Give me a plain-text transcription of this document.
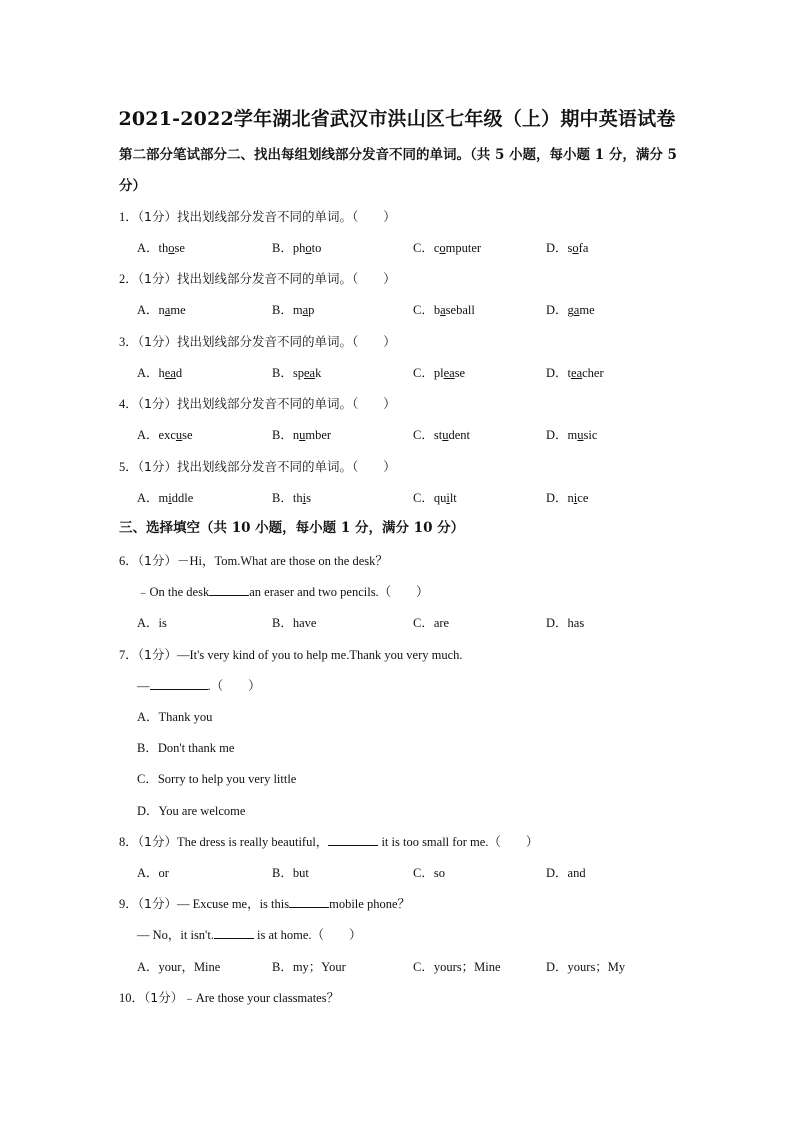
2021-2022学年湖北省武汉市洪山区七年级（上）期中英语试卷
第二部分笔试部分二、找出每组划线部分发音不同的单词。（共 5 小题，每小题 1 分，满分 5 分）
1．（1分）找出划线部分发音不同的单词。（　　）
A．those	B．photo	C．computer	D．sofa
2．（1分）找出划线部分发音不同的单词。（　　）
A．name	B．map	C．baseball	D．game
3．（1分）找出划线部分发音不同的单词。（　　）
A．head	B．speak	C．please	D．teacher
4．（1分）找出划线部分发音不同的单词。（　　）
A．excuse	B．number	C．student	D．music
5．（1分）找出划线部分发音不同的单词。（　　）
A．middle	B．this	C．quilt	D．nice
三、选择填空（共 10 小题，每小题 1 分，满分 10 分）
6．（1分）－Hi，Tom.What are those on the desk？
﹣On the desk	an eraser and two pencils.（　　）
A．is	B．have	C．are	D．has
7．（1分）—It's very kind of you to help me.Thank you very much.
—	.（　　）
A．Thank you
B．Don't thank me
C．Sorry to help you very little
D．You are welcome
8．（1分）The dress is really beautiful，	it is too small for me.（　　）
A．or	B．but	C．so	D．and
9．（1分）— Excuse me，is this	mobile phone？
— No，it isn't.	is at home.（　　）
A．your，Mine	B．my；Your	C．yours；Mine	D．yours；My
10．（1分）﹣Are those your classmates？
